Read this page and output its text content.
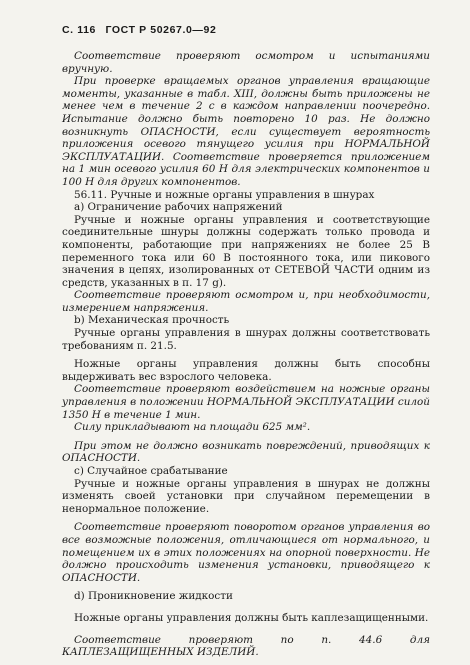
С. 116 ГОСТ Р 50267.0—92

Соответствие проверяют осмотром и испытаниями вручную.

При проверке вращаемых органов управления вращающие моменты, указанные в табл. XIII, должны быть приложены не менее чем в течение 2 с в каждом направлении поочередно. Испытание должно быть повторено 10 раз. Не должно возникнуть ОПАСНОСТИ, если существует вероятность приложения осевого тянущего усилия при НОРМАЛЬНОЙ ЭКСПЛУАТАЦИИ. Соответствие проверяется приложением на 1 мин осевого усилия 60 Н для электрических компонентов и 100 Н для других компонентов.

56.11. Ручные и ножные органы управления в шнурах

а) Ограничение рабочих напряжений

Ручные и ножные органы управления и соответствующие соединительные шнуры должны содержать только провода и компоненты, работающие при напряжениях не более 25 В переменного тока или 60 В постоянного тока, или пикового значения в цепях, изолированных от СЕТЕВОЙ ЧАСТИ одним из средств, указанных в п. 17 g).

Соответствие проверяют осмотром и, при необходимости, измерением напряжения.

b) Механическая прочность

Ручные органы управления в шнурах должны соответствовать требованиям п. 21.5.

Ножные органы управления должны быть способны выдерживать вес взрослого человека.

Соответствие проверяют воздействием на ножные органы управления в положении НОРМАЛЬНОЙ ЭКСПЛУАТАЦИИ силой 1350 Н в течение 1 мин.

Силу прикладывают на площади 625 мм².

При этом не должно возникать повреждений, приводящих к ОПАСНОСТИ.

с) Случайное срабатывание

Ручные и ножные органы управления в шнурах не должны изменять своей установки при случайном перемещении в ненормальное положение.

Соответствие проверяют поворотом органов управления во все возможные положения, отличающиеся от нормального, и помещением их в этих положениях на опорной поверхности. Не должно происходить изменения установки, приводящего к ОПАСНОСТИ.

d) Проникновение жидкости

Ножные органы управления должны быть каплезащищенными.

Соответствие проверяют по п. 44.6 для КАПЛЕЗАЩИЩЕННЫХ ИЗДЕЛИЙ.
